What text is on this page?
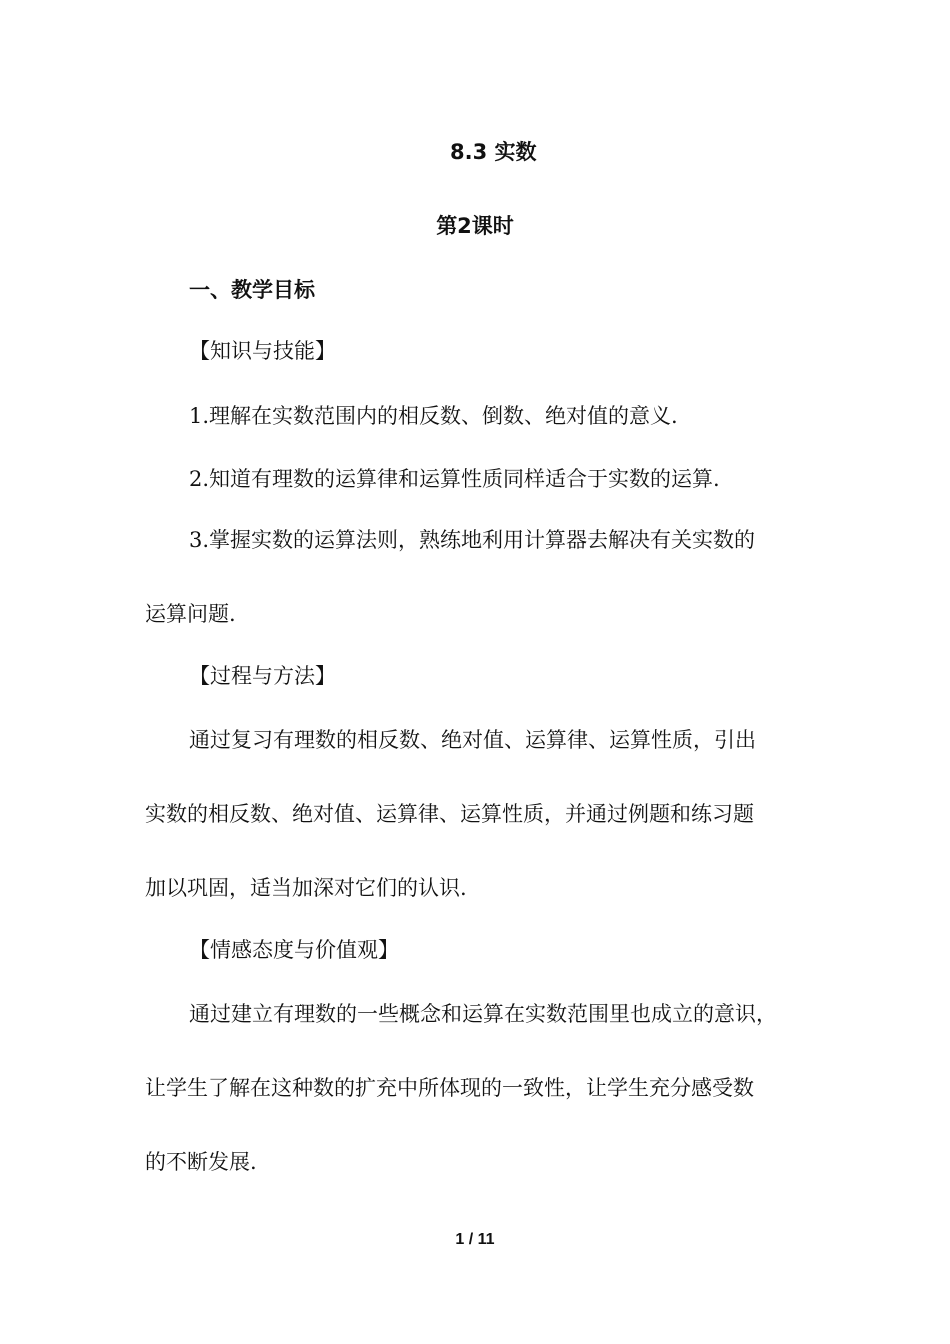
8.3 实数
第2课时
一、教学目标
【知识与技能】
1.理解在实数范围内的相反数、倒数、绝对值的意义.
2.知道有理数的运算律和运算性质同样适合于实数的运算.
3.掌握实数的运算法则，熟练地利用计算器去解决有关实数的
运算问题.
【过程与方法】
通过复习有理数的相反数、绝对值、运算律、运算性质，引出
实数的相反数、绝对值、运算律、运算性质，并通过例题和练习题
加以巩固，适当加深对它们的认识.
【情感态度与价值观】
通过建立有理数的一些概念和运算在实数范围里也成立的意识，
让学生了解在这种数的扩充中所体现的一致性，让学生充分感受数
的不断发展.
1 / 11
